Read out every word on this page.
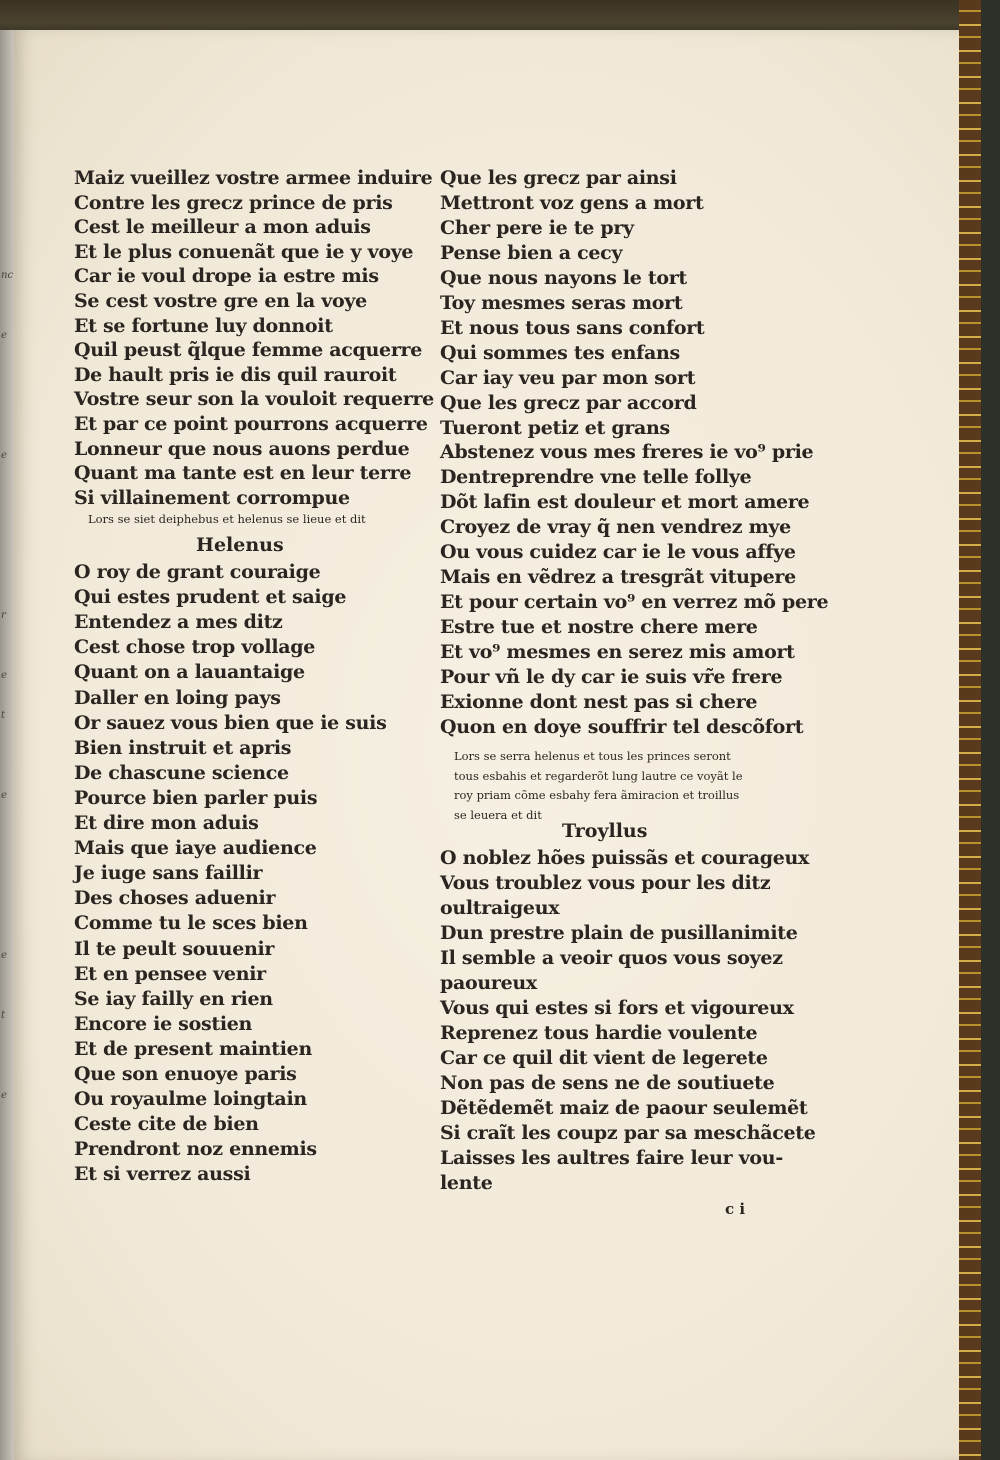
nc
e
e
r
e
t
e
e
t
e
Maiz vueillez vostre armee induire
Contre les grecz prince de pris
Cest le meilleur a mon aduis
Et le plus conuenãt que ie y voye
Car ie voul drope ia estre mis
Se cest vostre gre en la voye
Et se fortune luy donnoit
Quil peust q̃lque femme acquerre
De hault pris ie dis quil rauroit
Vostre seur son la vouloit requerre
Et par ce point pourrons acquerre
Lonneur que nous auons perdue
Quant ma tante est en leur terre
Si villainement corrompue
Lors se siet deiphebus et helenus se lieue et dit
Helenus
O roy de grant couraige
Qui estes prudent et saige
Entendez a mes ditz
Cest chose trop vollage
Quant on a lauantaige
Daller en loing pays
Or sauez vous bien que ie suis
Bien instruit et apris
De chascune science
Pource bien parler puis
Et dire mon aduis
Mais que iaye audience
Je iuge sans faillir
Des choses aduenir
Comme tu le sces bien
Il te peult souuenir
Et en pensee venir
Se iay failly en rien
Encore ie sostien
Et de present maintien
Que son enuoye paris
Ou royaulme loingtain
Ceste cite de bien
Prendront noz ennemis
Et si verrez aussi
Que les grecz par ainsi
Mettront voz gens a mort
Cher pere ie te pry
Pense bien a cecy
Que nous nayons le tort
Toy mesmes seras mort
Et nous tous sans confort
Qui sommes tes enfans
Car iay veu par mon sort
Que les grecz par accord
Tueront petiz et grans
Abstenez vous mes freres ie vo⁹ prie
Dentreprendre vne telle follye
Dõt lafin est douleur et mort amere
Croyez de vray q̃ nen vendrez mye
Ou vous cuidez car ie le vous affye
Mais en vẽdrez a tresgrãt vitupere
Et pour certain vo⁹ en verrez mõ pere
Estre tue et nostre chere mere
Et vo⁹ mesmes en serez mis amort
Pour vñ le dy car ie suis vr̃e frere
Exionne dont nest pas si chere
Quon en doye souffrir tel descõfort
Lors se serra helenus et tous les princes seront
tous esbahis et regarderõt lung lautre ce voyãt le
roy priam cõme esbahy fera ãmiracion et troillus
se leuera et dit
Troyllus
O noblez hões puissãs et courageux
Vous troublez vous pour les ditz
oultraigeux
Dun prestre plain de pusillanimite
Il semble a veoir quos vous soyez
paoureux
Vous qui estes si fors et vigoureux
Reprenez tous hardie voulente
Car ce quil dit vient de legerete
Non pas de sens ne de soutiuete
Dẽtẽdemẽt maiz de paour seulemẽt
Si craĩt les coupz par sa meschãcete
Laisses les aultres faire leur vou-
lente
c i
